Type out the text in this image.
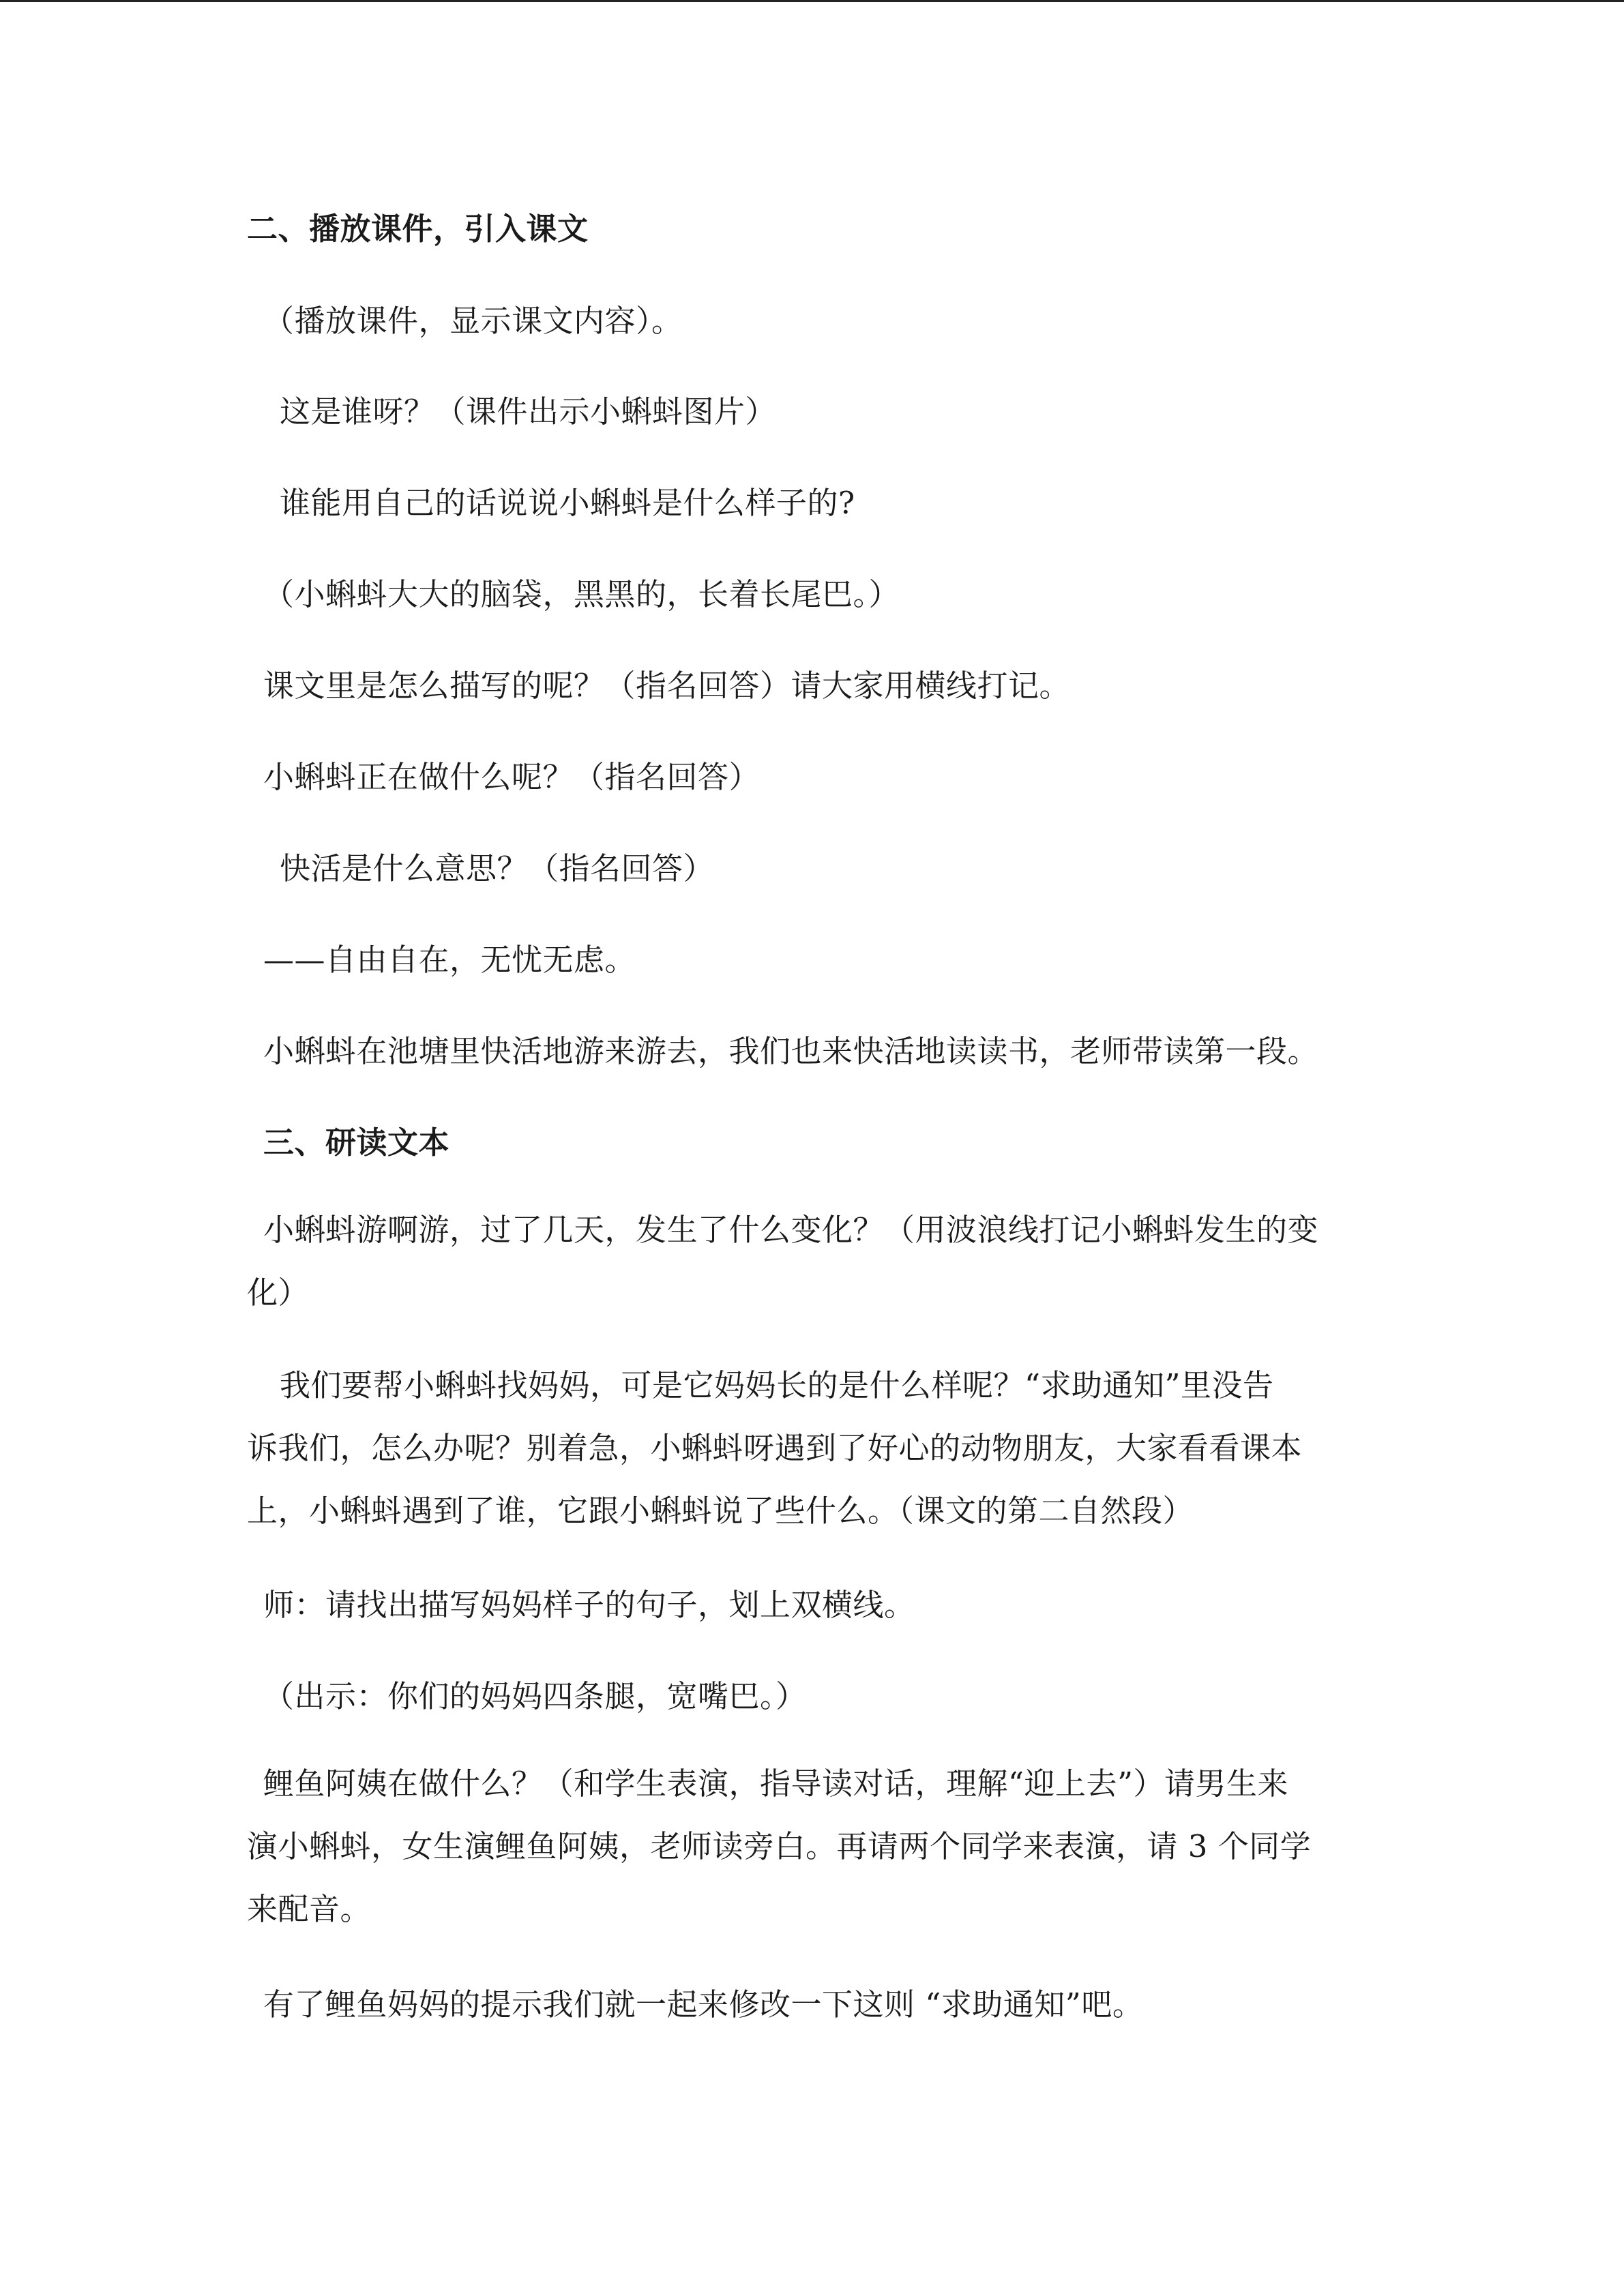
二、播放课件，引入课文
（播放课件，显示课文内容）。
这是谁呀？（课件出示小蝌蚪图片）
谁能用自己的话说说小蝌蚪是什么样子的?
（小蝌蚪大大的脑袋，黑黑的，长着长尾巴。）
课文里是怎么描写的呢？（指名回答）请大家用横线打记。
小蝌蚪正在做什么呢？（指名回答）
快活是什么意思？（指名回答）
——自由自在，无忧无虑。
小蝌蚪在池塘里快活地游来游去，我们也来快活地读读书，老师带读第一段。
三、研读文本
小蝌蚪游啊游，过了几天，发生了什么变化？（用波浪线打记小蝌蚪发生的变
化）
我们要帮小蝌蚪找妈妈，可是它妈妈长的是什么样呢？“求助通知”里没告
诉我们，怎么办呢？别着急，小蝌蚪呀遇到了好心的动物朋友，大家看看课本
上，小蝌蚪遇到了谁，它跟小蝌蚪说了些什么。（课文的第二自然段）
师：请找出描写妈妈样子的句子，划上双横线。
（出示：你们的妈妈四条腿，宽嘴巴。）
鲤鱼阿姨在做什么？（和学生表演，指导读对话，理解“迎上去”）请男生来
演小蝌蚪，女生演鲤鱼阿姨，老师读旁白。再请两个同学来表演，请 3 个同学
来配音。
有了鲤鱼妈妈的提示我们就一起来修改一下这则 “求助通知”吧。
